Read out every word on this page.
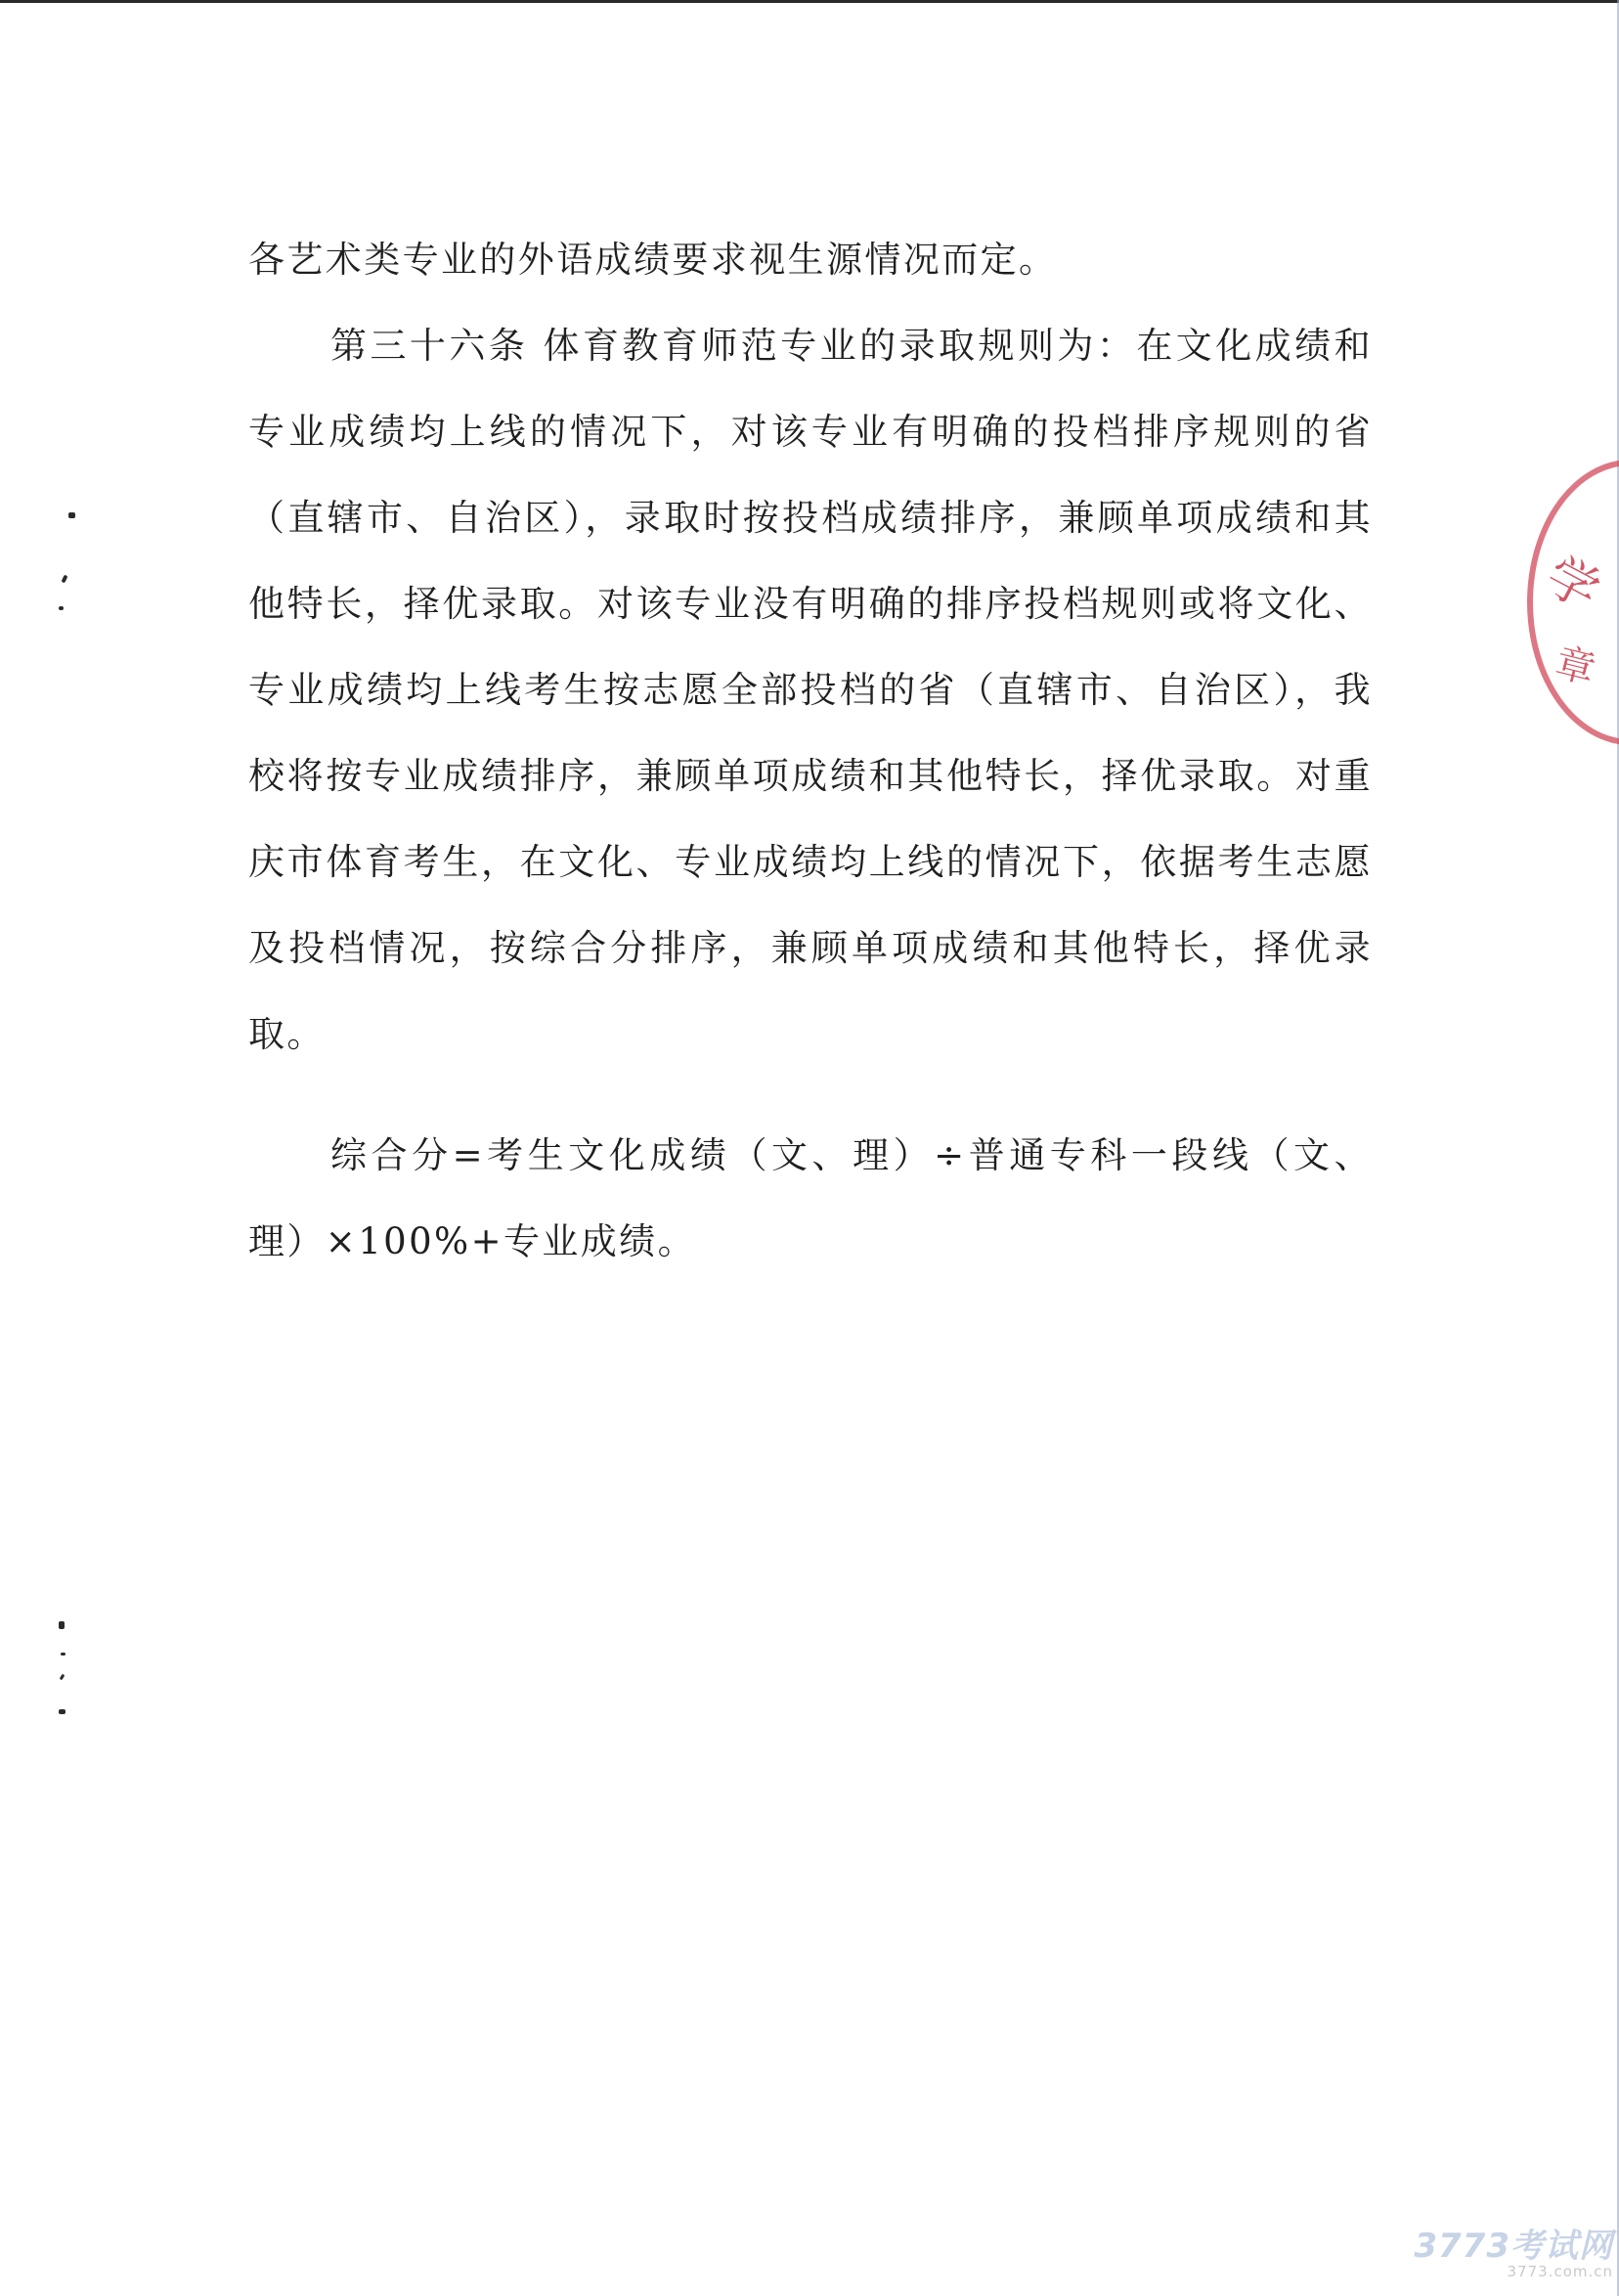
各艺术类专业的外语成绩要求视生源情况而定。

第三十六条 体育教育师范专业的录取规则为：在文化成绩和专业成绩均上线的情况下，对该专业有明确的投档排序规则的省（直辖市、自治区），录取时按投档成绩排序，兼顾单项成绩和其他特长，择优录取。对该专业没有明确的排序投档规则或将文化、专业成绩均上线考生按志愿全部投档的省（直辖市、自治区），我校将按专业成绩排序，兼顾单项成绩和其他特长，择优录取。对重庆市体育考生，在文化、专业成绩均上线的情况下，依据考生志愿及投档情况，按综合分排序，兼顾单项成绩和其他特长，择优录取。

综合分=考生文化成绩（文、理）÷普通专科一段线（文、理）×100%+专业成绩。

学
章
3773考试网
3773.com.cn
